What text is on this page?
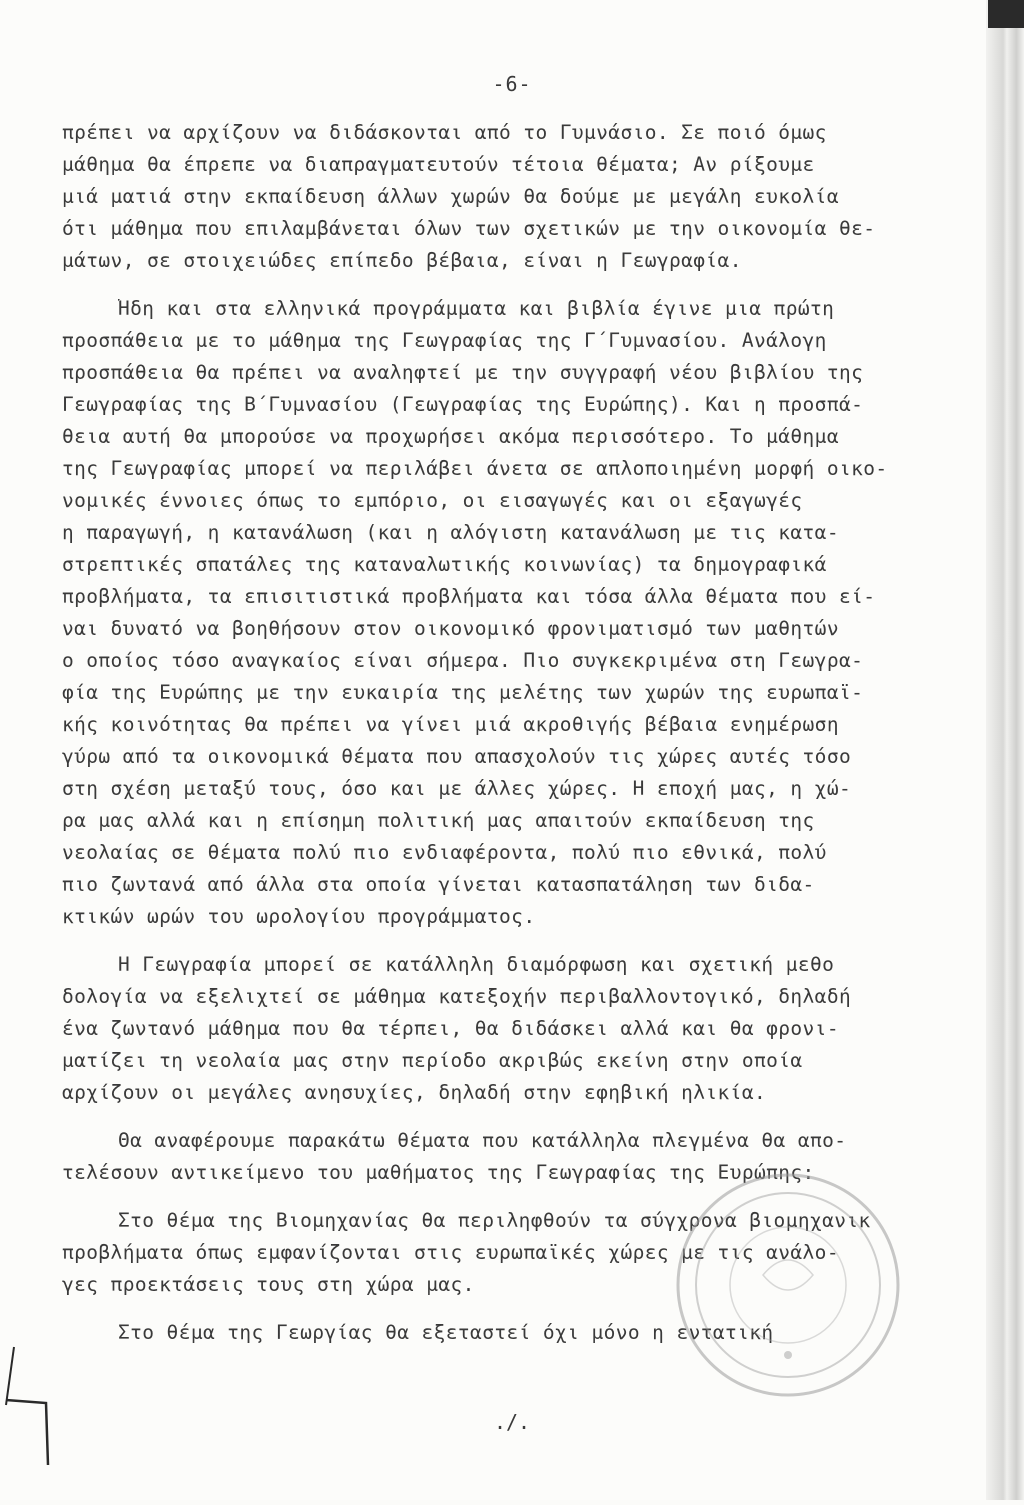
-6-
πρέπει να αρχίζουν να διδάσκονται από το Γυμνάσιο. Σε ποιό όμως
μάθημα θα έπρεπε να διαπραγματευτούν τέτοια θέματα; Αν ρίξουμε
μιά ματιά στην εκπαίδευση άλλων χωρών θα δούμε με μεγάλη ευκολία
ότι μάθημα που επιλαμβάνεται όλων των σχετικών με την οικονομία θε-
μάτων, σε στοιχειώδες επίπεδο βέβαια, είναι η Γεωγραφία.
Ήδη και στα ελληνικά προγράμματα και βιβλία έγινε μια πρώτη
προσπάθεια με το μάθημα της Γεωγραφίας της Γ΄Γυμνασίου. Ανάλογη
προσπάθεια θα πρέπει να αναληφτεί με την συγγραφή νέου βιβλίου της
Γεωγραφίας της Β΄Γυμνασίου (Γεωγραφίας της Ευρώπης). Και η προσπά-
θεια αυτή θα μπορούσε να προχωρήσει ακόμα περισσότερο. Το μάθημα
της Γεωγραφίας μπορεί να περιλάβει άνετα σε απλοποιημένη μορφή οικο-
νομικές έννοιες όπως το εμπόριο, οι εισαγωγές και οι εξαγωγές
η παραγωγή, η κατανάλωση (και η αλόγιστη κατανάλωση με τις κατα-
στρεπτικές σπατάλες της καταναλωτικής κοινωνίας) τα δημογραφικά
προβλήματα, τα επισιτιστικά προβλήματα και τόσα άλλα θέματα που εί-
ναι δυνατό να βοηθήσουν στον οικονομικό φρονιματισμό των μαθητών
ο οποίος τόσο αναγκαίος είναι σήμερα. Πιο συγκεκριμένα στη Γεωγρα-
φία της Ευρώπης με την ευκαιρία της μελέτης των χωρών της ευρωπαϊ-
κής κοινότητας θα πρέπει να γίνει μιά ακροθιγής βέβαια ενημέρωση
γύρω από τα οικονομικά θέματα που απασχολούν τις χώρες αυτές τόσο
στη σχέση μεταξύ τους, όσο και με άλλες χώρες. Η εποχή μας, η χώ-
ρα μας αλλά και η επίσημη πολιτική μας απαιτούν εκπαίδευση της
νεολαίας σε θέματα πολύ πιο ενδιαφέροντα, πολύ πιο εθνικά, πολύ
πιο ζωντανά από άλλα στα οποία γίνεται κατασπατάληση των διδα-
κτικών ωρών του ωρολογίου προγράμματος.
Η Γεωγραφία μπορεί σε κατάλληλη διαμόρφωση και σχετική μεθο
δολογία να εξελιχτεί σε μάθημα κατεξοχήν περιβαλλοντογικό, δηλαδή
ένα ζωντανό μάθημα που θα τέρπει, θα διδάσκει αλλά και θα φρονι-
ματίζει τη νεολαία μας στην περίοδο ακριβώς εκείνη στην οποία
αρχίζουν οι μεγάλες ανησυχίες, δηλαδή στην εφηβική ηλικία.
Θα αναφέρουμε παρακάτω θέματα που κατάλληλα πλεγμένα θα απο-
τελέσουν αντικείμενο του μαθήματος της Γεωγραφίας της Ευρώπης:
Στο θέμα της Βιομηχανίας θα περιληφθούν τα σύγχρονα βιομηχανικ
προβλήματα όπως εμφανίζονται στις ευρωπαϊκές χώρες με τις ανάλο-
γες προεκτάσεις τους στη χώρα μας.
Στο θέμα της Γεωργίας θα εξεταστεί όχι μόνο η εντατική
./.
